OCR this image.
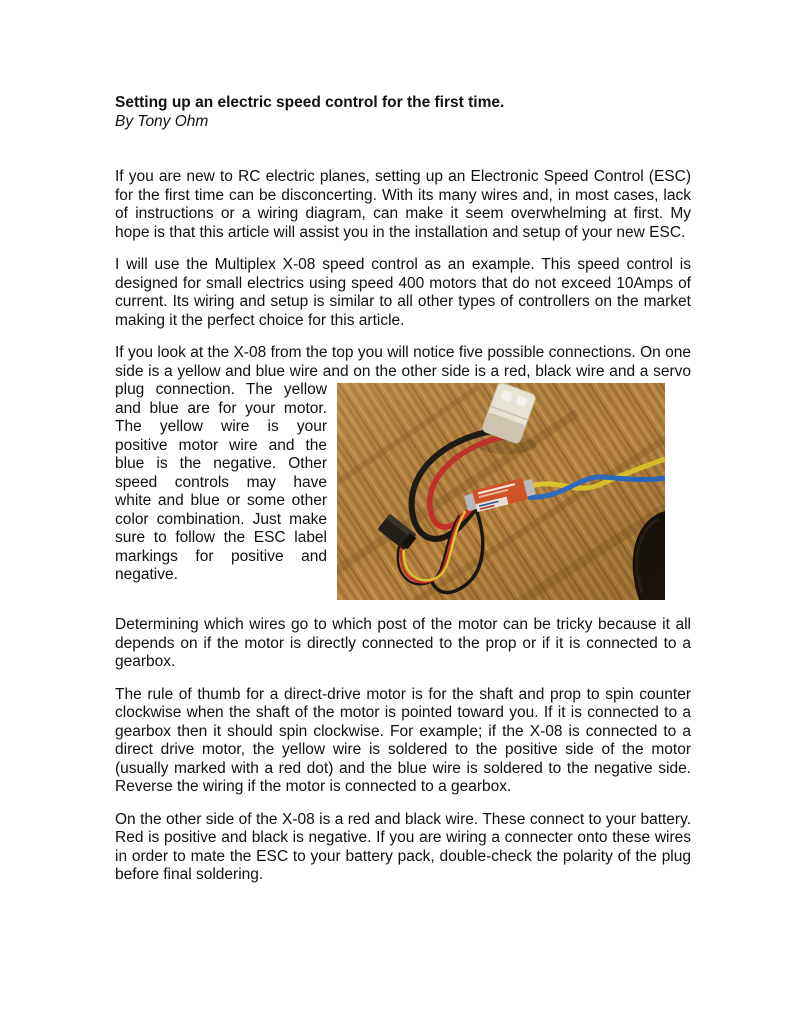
Setting up an electric speed control for the first time.
By Tony Ohm

If you are new to RC electric planes, setting up an Electronic Speed Control (ESC) for the first time can be disconcerting. With its many wires and, in most cases, lack of instructions or a wiring diagram, can make it seem overwhelming at first. My hope is that this article will assist you in the installation and setup of your new ESC.

I will use the Multiplex X-08 speed control as an example. This speed control is designed for small electrics using speed 400 motors that do not exceed 10Amps of current. Its wiring and setup is similar to all other types of controllers on the market making it the perfect choice for this article.

If you look at the X-08 from the top you will notice five possible connections. On one side is a yellow and blue wire and on the other side is a red, black wire and a servo plug connection. The yellow and blue are for your motor. The yellow wire is your positive motor wire and the blue is the negative. Other speed controls may have white and blue or some other color combination. Just make sure to follow the ESC label markings for positive and negative.

Determining which wires go to which post of the motor can be tricky because it all depends on if the motor is directly connected to the prop or if it is connected to a gearbox.

The rule of thumb for a direct-drive motor is for the shaft and prop to spin counter clockwise when the shaft of the motor is pointed toward you. If it is connected to a gearbox then it should spin clockwise. For example; if the X-08 is connected to a direct drive motor, the yellow wire is soldered to the positive side of the motor (usually marked with a red dot) and the blue wire is soldered to the negative side. Reverse the wiring if the motor is connected to a gearbox.

On the other side of the X-08 is a red and black wire. These connect to your battery. Red is positive and black is negative. If you are wiring a connecter onto these wires in order to mate the ESC to your battery pack, double-check the polarity of the plug before final soldering.
